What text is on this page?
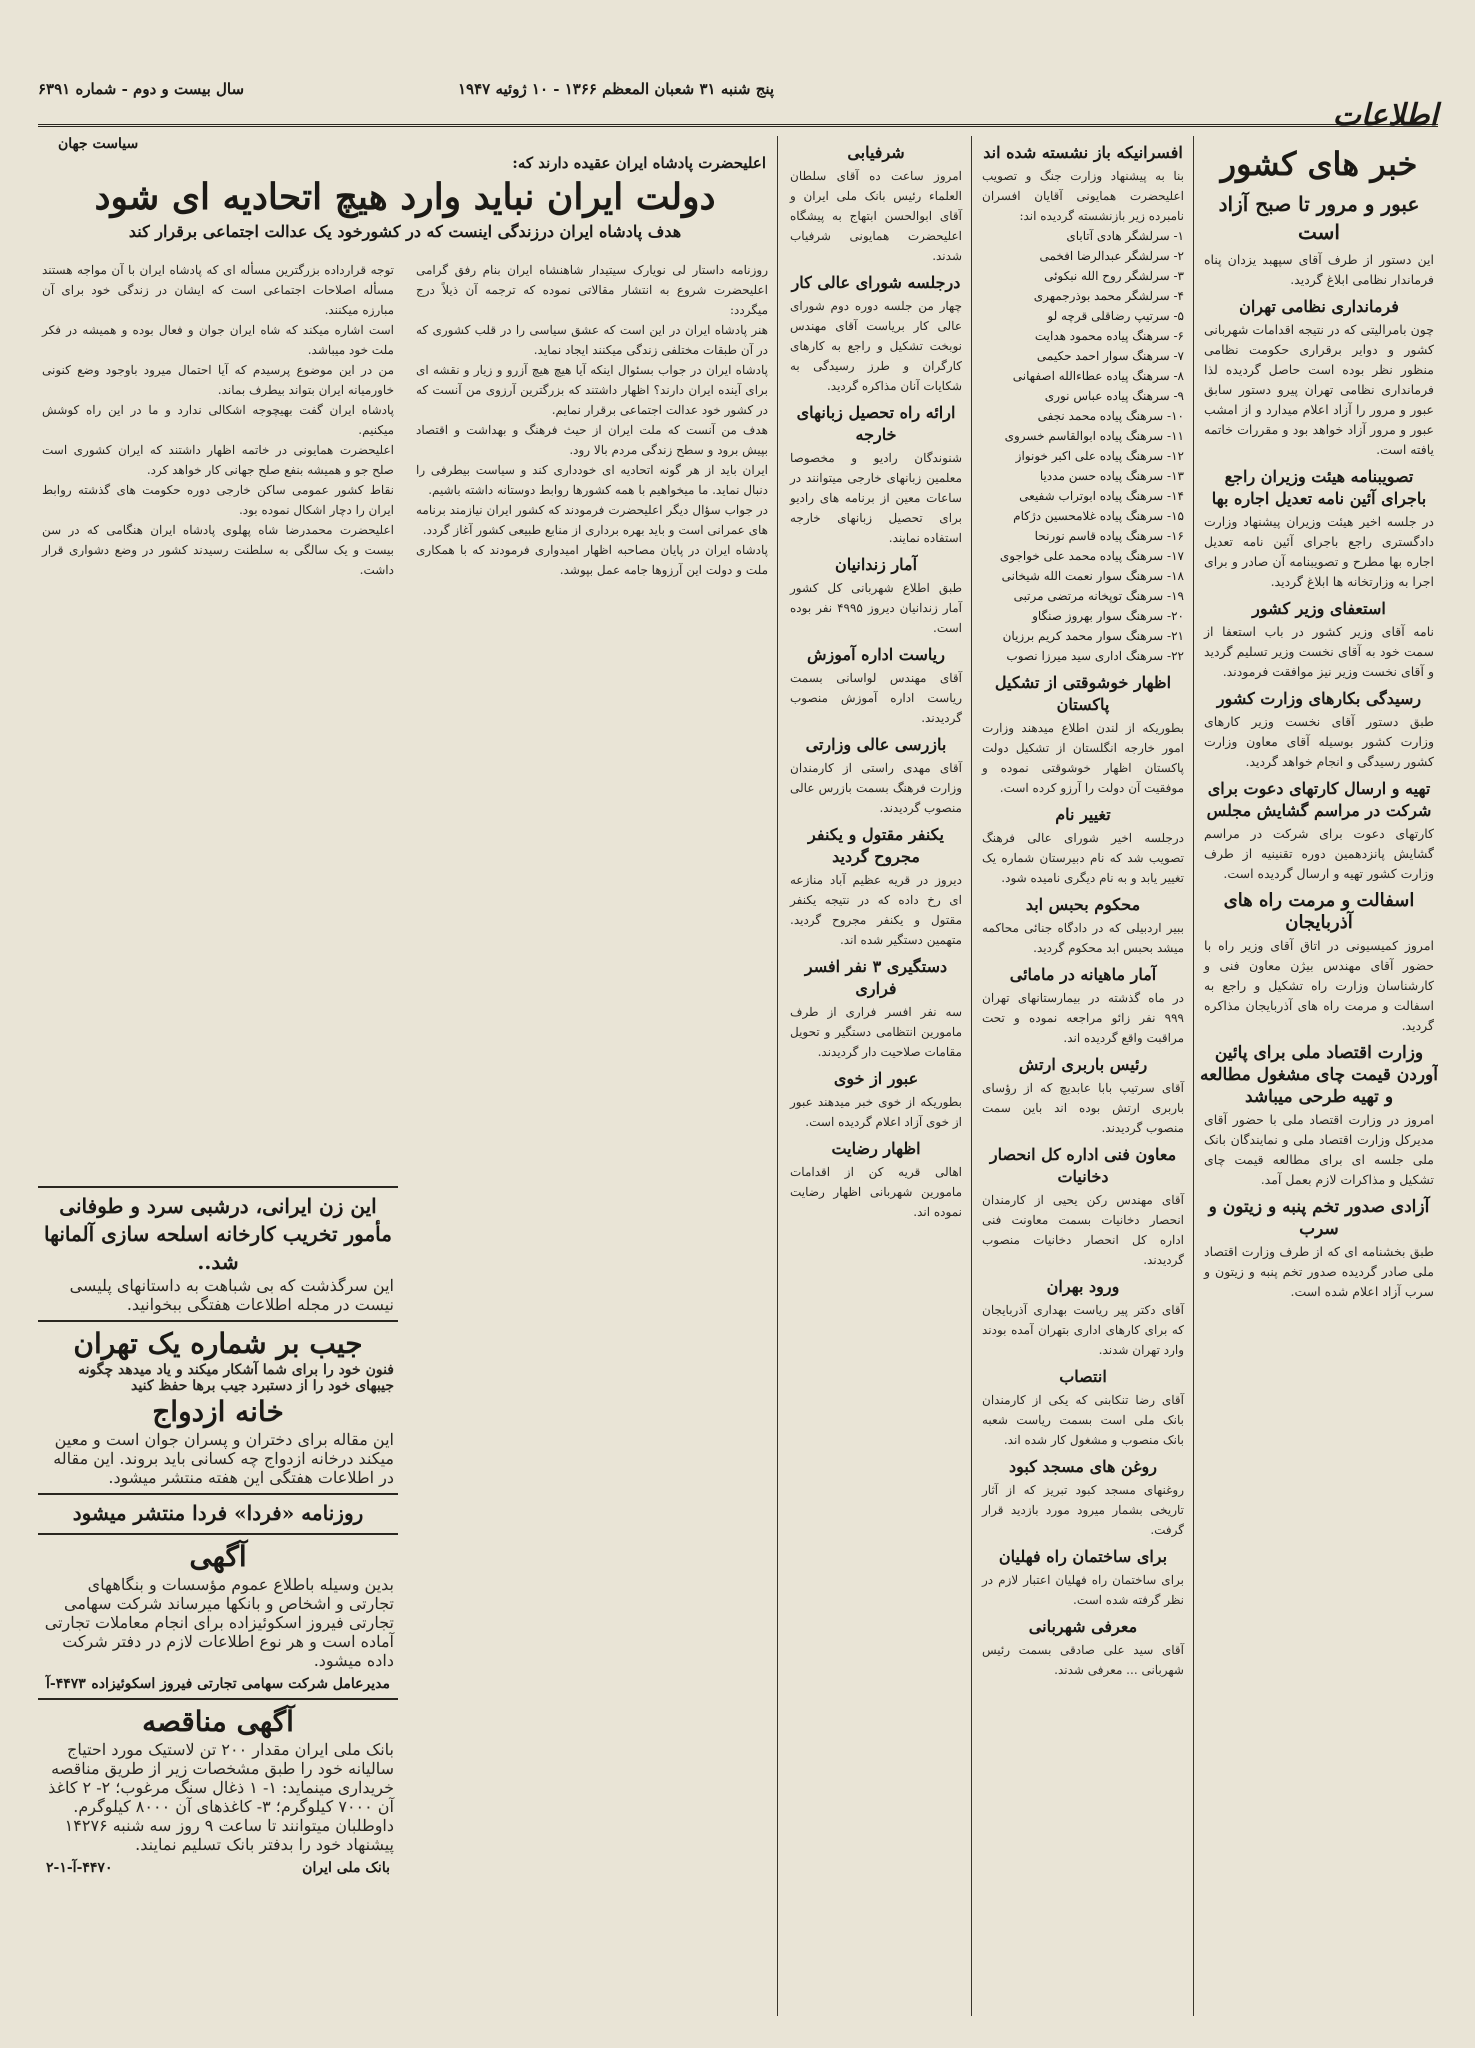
اطلاعات
پنج شنبه ۳۱ شعبان المعظم ۱۳۶۶ - ۱۰ ژوئیه ۱۹۴۷
سال بیست و دوم - شماره ۶۳۹۱
خبر های کشور
عبور و مرور تا صبح آزاد است
این دستور از طرف آقای سپهبد یزدان پناه فرماندار نظامی ابلاغ گردید.
فرمانداری نظامی تهران
چون بامرالیتی که در نتیجه اقدامات شهربانی کشور و دوایر برقراری حکومت نظامی منظور نظر بوده است حاصل گردیده لذا فرمانداری نظامی تهران پیرو دستور سابق عبور و مرور را آزاد اعلام میدارد و از امشب عبور و مرور آزاد خواهد بود و مقررات خاتمه یافته است.
تصویبنامه هیئت وزیران راجع باجرای آئین نامه تعدیل اجاره بها
در جلسه اخیر هیئت وزیران پیشنهاد وزارت دادگستری راجع باجرای آئین نامه تعدیل اجاره بها مطرح و تصویبنامه آن صادر و برای اجرا به وزارتخانه ها ابلاغ گردید.
استعفای وزیر کشور
نامه آقای وزیر کشور در باب استعفا از سمت خود به آقای نخست وزیر تسلیم گردید و آقای نخست وزیر نیز موافقت فرمودند.
رسیدگی بکارهای وزارت کشور
طبق دستور آقای نخست وزیر کارهای وزارت کشور بوسیله آقای معاون وزارت کشور رسیدگی و انجام خواهد گردید.
تهیه و ارسال کارتهای دعوت برای شرکت در مراسم گشایش مجلس
کارتهای دعوت برای شرکت در مراسم گشایش پانزدهمین دوره تقنینیه از طرف وزارت کشور تهیه و ارسال گردیده است.
اسفالت و مرمت راه های آذربایجان
امروز کمیسیونی در اتاق آقای وزیر راه با حضور آقای مهندس بیژن معاون فنی و کارشناسان وزارت راه تشکیل و راجع به اسفالت و مرمت راه های آذربایجان مذاکره گردید.
وزارت اقتصاد ملی برای پائین آوردن قیمت چای مشغول مطالعه و تهیه طرحی میباشد
امروز در وزارت اقتصاد ملی با حضور آقای مدیرکل وزارت اقتصاد ملی و نمایندگان بانک ملی جلسه ای برای مطالعه قیمت چای تشکیل و مذاکرات لازم بعمل آمد.
آزادی صدور تخم پنبه و زیتون و سرب
طبق بخشنامه ای که از طرف وزارت اقتصاد ملی صادر گردیده صدور تخم پنبه و زیتون و سرب آزاد اعلام شده است.
افسرانیکه باز نشسته شده اند
بنا به پیشنهاد وزارت جنگ و تصویب اعلیحضرت همایونی آقایان افسران نامبرده زیر بازنشسته گردیده اند:
۱- سرلشگر هادی آتابای
۲- سرلشگر عبدالرضا افخمی
۳- سرلشگر روح الله نبکوئی
۴- سرلشگر محمد بوذرجمهری
۵- سرتیپ رضاقلی قرچه لو
۶- سرهنگ پیاده محمود هدایت
۷- سرهنگ سوار احمد حکیمی
۸- سرهنگ پیاده عطاءالله اصفهانی
۹- سرهنگ پیاده عباس نوری
۱۰- سرهنگ پیاده محمد نجفی
۱۱- سرهنگ پیاده ابوالقاسم خسروی
۱۲- سرهنگ پیاده علی اکبر خونواز
۱۳- سرهنگ پیاده حسن مددیا
۱۴- سرهنگ پیاده ابوتراب شفیعی
۱۵- سرهنگ پیاده غلامحسین دژکام
۱۶- سرهنگ پیاده قاسم نورنحا
۱۷- سرهنگ پیاده محمد علی خواجوی
۱۸- سرهنگ سوار نعمت الله شیخانی
۱۹- سرهنگ توپخانه مرتضی مرتبی
۲۰- سرهنگ سوار بهروز صنگاو
۲۱- سرهنگ سوار محمد کریم برزیان
۲۲- سرهنگ اداری سید میرزا نصوب
اظهار خوشوقتی از تشکیل پاکستان
بطوریکه از لندن اطلاع میدهند وزارت امور خارجه انگلستان از تشکیل دولت پاکستان اظهار خوشوقتی نموده و موفقیت آن دولت را آرزو کرده است.
تغییر نام
درجلسه اخیر شورای عالی فرهنگ تصویب شد که نام دبیرستان شماره یک تغییر یابد و به نام دیگری نامیده شود.
محکوم بحبس ابد
ببیر اردبیلی که در دادگاه جنائی محاکمه میشد بحبس ابد محکوم گردید.
آمار ماهیانه در مامائی
در ماه گذشته در بیمارستانهای تهران ۹۹۹ نفر زائو مراجعه نموده و تحت مراقبت واقع گردیده اند.
رئیس باربری ارتش
آقای سرتیپ بابا عابدیچ که از رؤسای باربری ارتش بوده اند باین سمت منصوب گردیدند.
معاون فنی اداره کل انحصار دخانیات
آقای مهندس رکن یحیی از کارمندان انحصار دخانیات بسمت معاونت فنی اداره کل انحصار دخانیات منصوب گردیدند.
ورود بهران
آقای دکتر پیر ریاست بهداری آذربایجان که برای کارهای اداری بتهران آمده بودند وارد تهران شدند.
انتصاب
آقای رضا تنکابنی که یکی از کارمندان بانک ملی است بسمت ریاست شعبه بانک منصوب و مشغول کار شده اند.
روغن های مسجد کبود
روغنهای مسجد کبود تبریز که از آثار تاریخی بشمار میرود مورد بازدید قرار گرفت.
برای ساختمان راه فهلیان
برای ساختمان راه فهلیان اعتبار لازم در نظر گرفته شده است.
معرفی شهربانی
آقای سید علی صادقی بسمت رئیس شهربانی ... معرفی شدند.
شرفیابی
امروز ساعت ده آقای سلطان العلماء رئیس بانک ملی ایران و آقای ابوالحسن ابتهاج به پیشگاه اعلیحضرت همایونی شرفیاب شدند.
درجلسه شورای عالی کار
چهار من جلسه دوره دوم شورای عالی کار بریاست آقای مهندس نوبخت تشکیل و راجع به کارهای کارگران و طرز رسیدگی به شکایات آنان مذاکره گردید.
ارائه راه تحصیل زبانهای خارجه
شنوندگان رادیو و مخصوصا معلمین زبانهای خارجی میتوانند در ساعات معین از برنامه های رادیو برای تحصیل زبانهای خارجه استفاده نمایند.
آمار زندانیان
طبق اطلاع شهربانی کل کشور آمار زندانیان دیروز ۴۹۹۵ نفر بوده است.
ریاست اداره آموزش
آقای مهندس لواسانی بسمت ریاست اداره آموزش منصوب گردیدند.
بازرسی عالی وزارتی
آقای مهدی راستی از کارمندان وزارت فرهنگ بسمت بازرس عالی منصوب گردیدند.
یکنفر مقتول و یکنفر مجروح گردید
دیروز در قریه عظیم آباد منازعه ای رخ داده که در نتیجه یکنفر مقتول و یکنفر مجروح گردید. متهمین دستگیر شده اند.
دستگیری ۳ نفر افسر فراری
سه نفر افسر فراری از طرف مامورین انتظامی دستگیر و تحویل مقامات صلاحیت دار گردیدند.
عبور از خوی
بطوریکه از خوی خبر میدهند عبور از خوی آزاد اعلام گردیده است.
اظهار رضایت
اهالی قریه کن از اقدامات مامورین شهربانی اظهار رضایت نموده اند.
سیاست جهان
اعلیحضرت پادشاه ایران عقیده دارند که:
دولت ایران نباید وارد هیچ اتحادیه ای شود
هدف پادشاه ایران درزندگی اینست که در کشورخود یک عدالت اجتماعی برقرار کند
روزنامه داستار لی نویارک سیتیدار شاهنشاه ایران بنام رفق گرامی اعلیحضرت شروع به انتشار مقالاتی نموده که ترجمه آن ذیلاً درج میگردد:
هنر پادشاه ایران در این است که عشق سیاسی را در قلب کشوری که در آن طبقات مختلفی زندگی میکنند ایجاد نماید.
پادشاه ایران در جواب بسئوال اینکه آیا هیچ هیچ آزرو و زیار و نقشه ای برای آینده ایران دارند؟ اظهار داشتند که بزرگترین آرزوی من آنست که در کشور خود عدالت اجتماعی برقرار نمایم.
هدف من آنست که ملت ایران از حیث فرهنگ و بهداشت و اقتصاد بپیش برود و سطح زندگی مردم بالا رود.
ایران باید از هر گونه اتحادیه ای خودداری کند و سیاست بیطرفی را دنبال نماید. ما میخواهیم با همه کشورها روابط دوستانه داشته باشیم.
در جواب سؤال دیگر اعلیحضرت فرمودند که کشور ایران نیازمند برنامه های عمرانی است و باید بهره برداری از منابع طبیعی کشور آغاز گردد.
پادشاه ایران در پایان مصاحبه اظهار امیدواری فرمودند که با همکاری ملت و دولت این آرزوها جامه عمل بپوشد.
توجه قرارداده بزرگترین مسأله ای که پادشاه ایران با آن مواجه هستند مسأله اصلاحات اجتماعی است که ایشان در زندگی خود برای آن مبارزه میکنند.
است اشاره میکند که شاه ایران جوان و فعال بوده و همیشه در فکر ملت خود میباشد.
من در این موضوع پرسیدم که آیا احتمال میرود باوجود وضع کنونی خاورمیانه ایران بتواند بیطرف بماند.
پادشاه ایران گفت بهیچوجه اشکالی ندارد و ما در این راه کوشش میکنیم.
اعلیحضرت همایونی در خاتمه اظهار داشتند که ایران کشوری است صلح جو و همیشه بنفع صلح جهانی کار خواهد کرد.
نقاط کشور عمومی ساکن خارجی دوره حکومت های گذشته روابط ایران را دچار اشکال نموده بود.
اعلیحضرت محمدرضا شاه پهلوی پادشاه ایران هنگامی که در سن بیست و یک سالگی به سلطنت رسیدند کشور در وضع دشواری قرار داشت.
این زن ایرانی، درشبی سرد و طوفانی مأمور تخریب کارخانه اسلحه سازی آلمانها شد..
این سرگذشت که بی شباهت به داستانهای پلیسی نیست در مجله اطلاعات هفتگی ببخوانید.
جیب بر شماره یک تهران
فنون خود را برای شما آشکار میکند و یاد میدهد چگونه جیبهای خود را از دستبرد جیب برها حفظ کنید
خانه ازدواج
این مقاله برای دختران و پسران جوان است و معین میکند درخانه ازدواج چه کسانی باید بروند. این مقاله در اطلاعات هفتگی این هفته منتشر میشود.
روزنامه «فردا» فردا منتشر میشود
آگهی
بدین وسیله باطلاع عموم مؤسسات و بنگاههای تجارتی و اشخاص و بانکها میرساند شرکت سهامی تجارتی فیروز اسکوئیزاده برای انجام معاملات تجارتی آماده است و هر نوع اطلاعات لازم در دفتر شرکت داده میشود.
مدیرعامل شرکت سهامی تجارتی فیروز اسکوئیزاده
۴۴۷۳-آ
آگهی مناقصه
بانک ملی ایران مقدار ۲۰۰ تن لاستیک مورد احتیاج سالیانه خود را طبق مشخصات زیر از طریق مناقصه خریداری مینماید: ۱- ۱ ذغال سنگ مرغوب؛ ۲- ۲ کاغذ آن ۷۰۰۰ کیلوگرم؛ ۳- کاغذهای آن ۸۰۰۰ کیلوگرم. داوطلبان میتوانند تا ساعت ۹ روز سه شنبه ۱۴۲۷۶ پیشنهاد خود را بدفتر بانک تسلیم نمایند.
بانک ملی ایران
۴۴۷۰-آ-۱-۲
